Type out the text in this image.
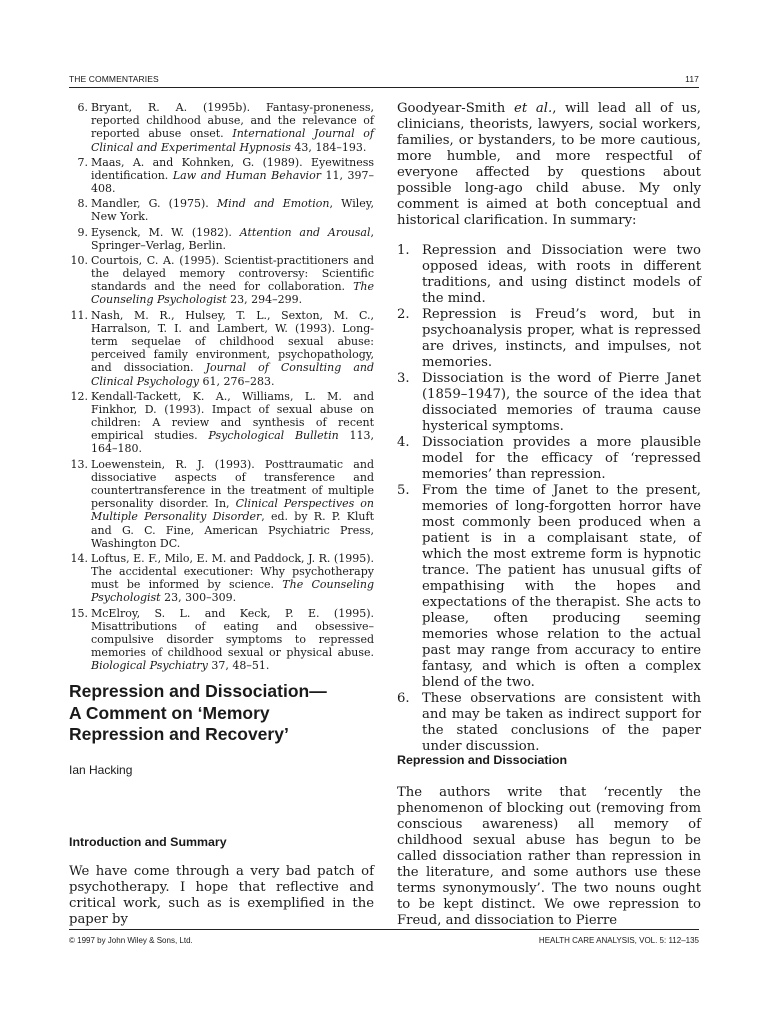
THE COMMENTARIES	117
6. Bryant, R. A. (1995b). Fantasy-proneness, reported childhood abuse, and the relevance of reported abuse onset. International Journal of Clinical and Experimental Hypnosis 43, 184–193.
7. Maas, A. and Kohnken, G. (1989). Eyewitness identification. Law and Human Behavior 11, 397–408.
8. Mandler, G. (1975). Mind and Emotion, Wiley, New York.
9. Eysenck, M. W. (1982). Attention and Arousal, Springer–Verlag, Berlin.
10. Courtois, C. A. (1995). Scientist-practitioners and the delayed memory controversy: Scientific standards and the need for collaboration. The Counseling Psychologist 23, 294–299.
11. Nash, M. R., Hulsey, T. L., Sexton, M. C., Harralson, T. I. and Lambert, W. (1993). Long-term sequelae of childhood sexual abuse: perceived family environment, psychopathology, and dissociation. Journal of Consulting and Clinical Psychology 61, 276–283.
12. Kendall-Tackett, K. A., Williams, L. M. and Finkhor, D. (1993). Impact of sexual abuse on children: A review and synthesis of recent empirical studies. Psychological Bulletin 113, 164–180.
13. Loewenstein, R. J. (1993). Posttraumatic and dissociative aspects of transference and countertransference in the treatment of multiple personality disorder. In, Clinical Perspectives on Multiple Personality Disorder, ed. by R. P. Kluft and G. C. Fine, American Psychiatric Press, Washington DC.
14. Loftus, E. F., Milo, E. M. and Paddock, J. R. (1995). The accidental executioner: Why psychotherapy must be informed by science. The Counseling Psychologist 23, 300–309.
15. McElroy, S. L. and Keck, P. E. (1995). Misattributions of eating and obsessive–compulsive disorder symptoms to repressed memories of childhood sexual or physical abuse. Biological Psychiatry 37, 48–51.
Repression and Dissociation—
A Comment on ‘Memory
Repression and Recovery’
Ian Hacking
Introduction and Summary
We have come through a very bad patch of psychotherapy. I hope that reflective and critical work, such as is exemplified in the paper by

Goodyear-Smith et al., will lead all of us, clinicians, theorists, lawyers, social workers, families, or bystanders, to be more cautious, more humble, and more respectful of everyone affected by questions about possible long-ago child abuse. My only comment is aimed at both conceptual and historical clarification. In summary:

1. Repression and Dissociation were two opposed ideas, with roots in different traditions, and using distinct models of the mind.
2. Repression is Freud’s word, but in psychoanalysis proper, what is repressed are drives, instincts, and impulses, not memories.
3. Dissociation is the word of Pierre Janet (1859–1947), the source of the idea that dissociated memories of trauma cause hysterical symptoms.
4. Dissociation provides a more plausible model for the efficacy of ‘repressed memories’ than repression.
5. From the time of Janet to the present, memories of long-forgotten horror have most commonly been produced when a patient is in a complaisant state, of which the most extreme form is hypnotic trance. The patient has unusual gifts of empathising with the hopes and expectations of the therapist. She acts to please, often producing seeming memories whose relation to the actual past may range from accuracy to entire fantasy, and which is often a complex blend of the two.
6. These observations are consistent with and may be taken as indirect support for the stated conclusions of the paper under discussion.
Repression and Dissociation

The authors write that ‘recently the phenomenon of blocking out (removing from conscious awareness) all memory of childhood sexual abuse has begun to be called dissociation rather than repression in the literature, and some authors use these terms synonymously’. The two nouns ought to be kept distinct. We owe repression to Freud, and dissociation to Pierre

© 1997 by John Wiley & Sons, Ltd.	HEALTH CARE ANALYSIS, VOL. 5: 112–135
